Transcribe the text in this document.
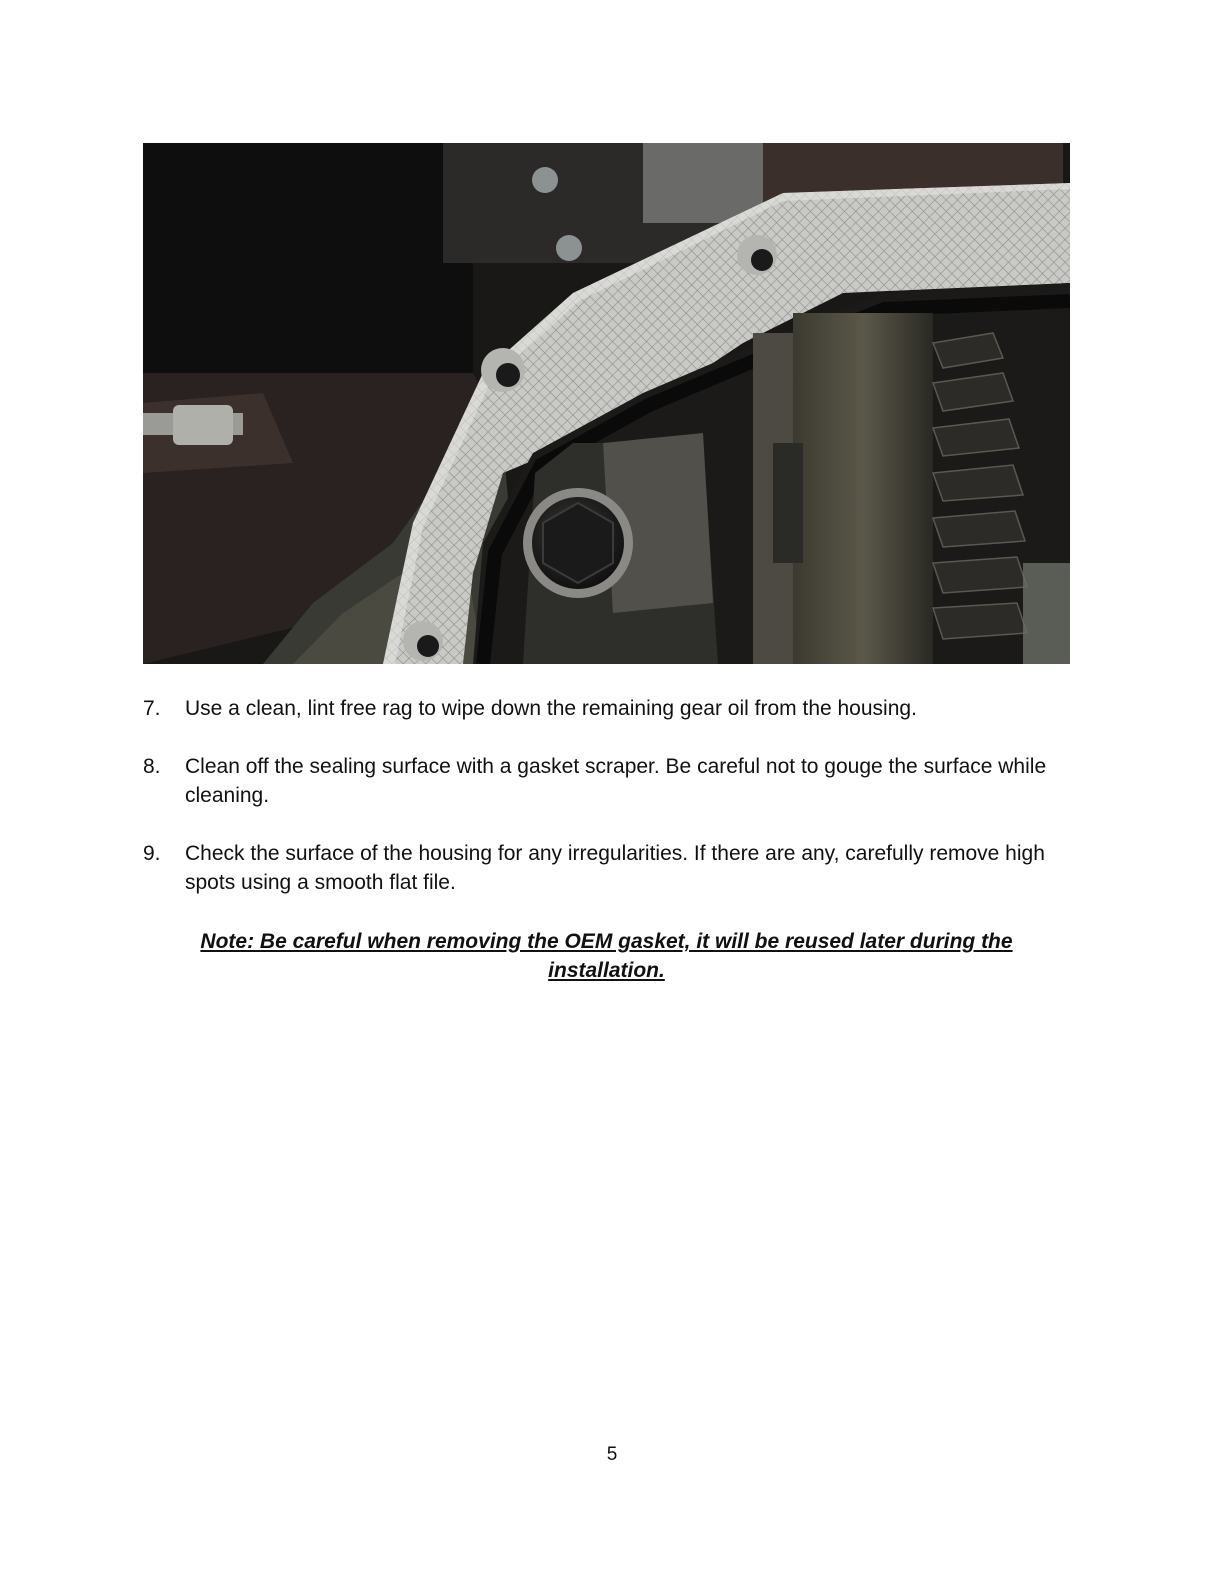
7. Use a clean, lint free rag to wipe down the remaining gear oil from the housing.
8. Clean off the sealing surface with a gasket scraper. Be careful not to gouge the surface while cleaning.
9. Check the surface of the housing for any irregularities. If there are any, carefully remove high spots using a smooth flat file.
Note: Be careful when removing the OEM gasket, it will be reused later during the installation.
5
